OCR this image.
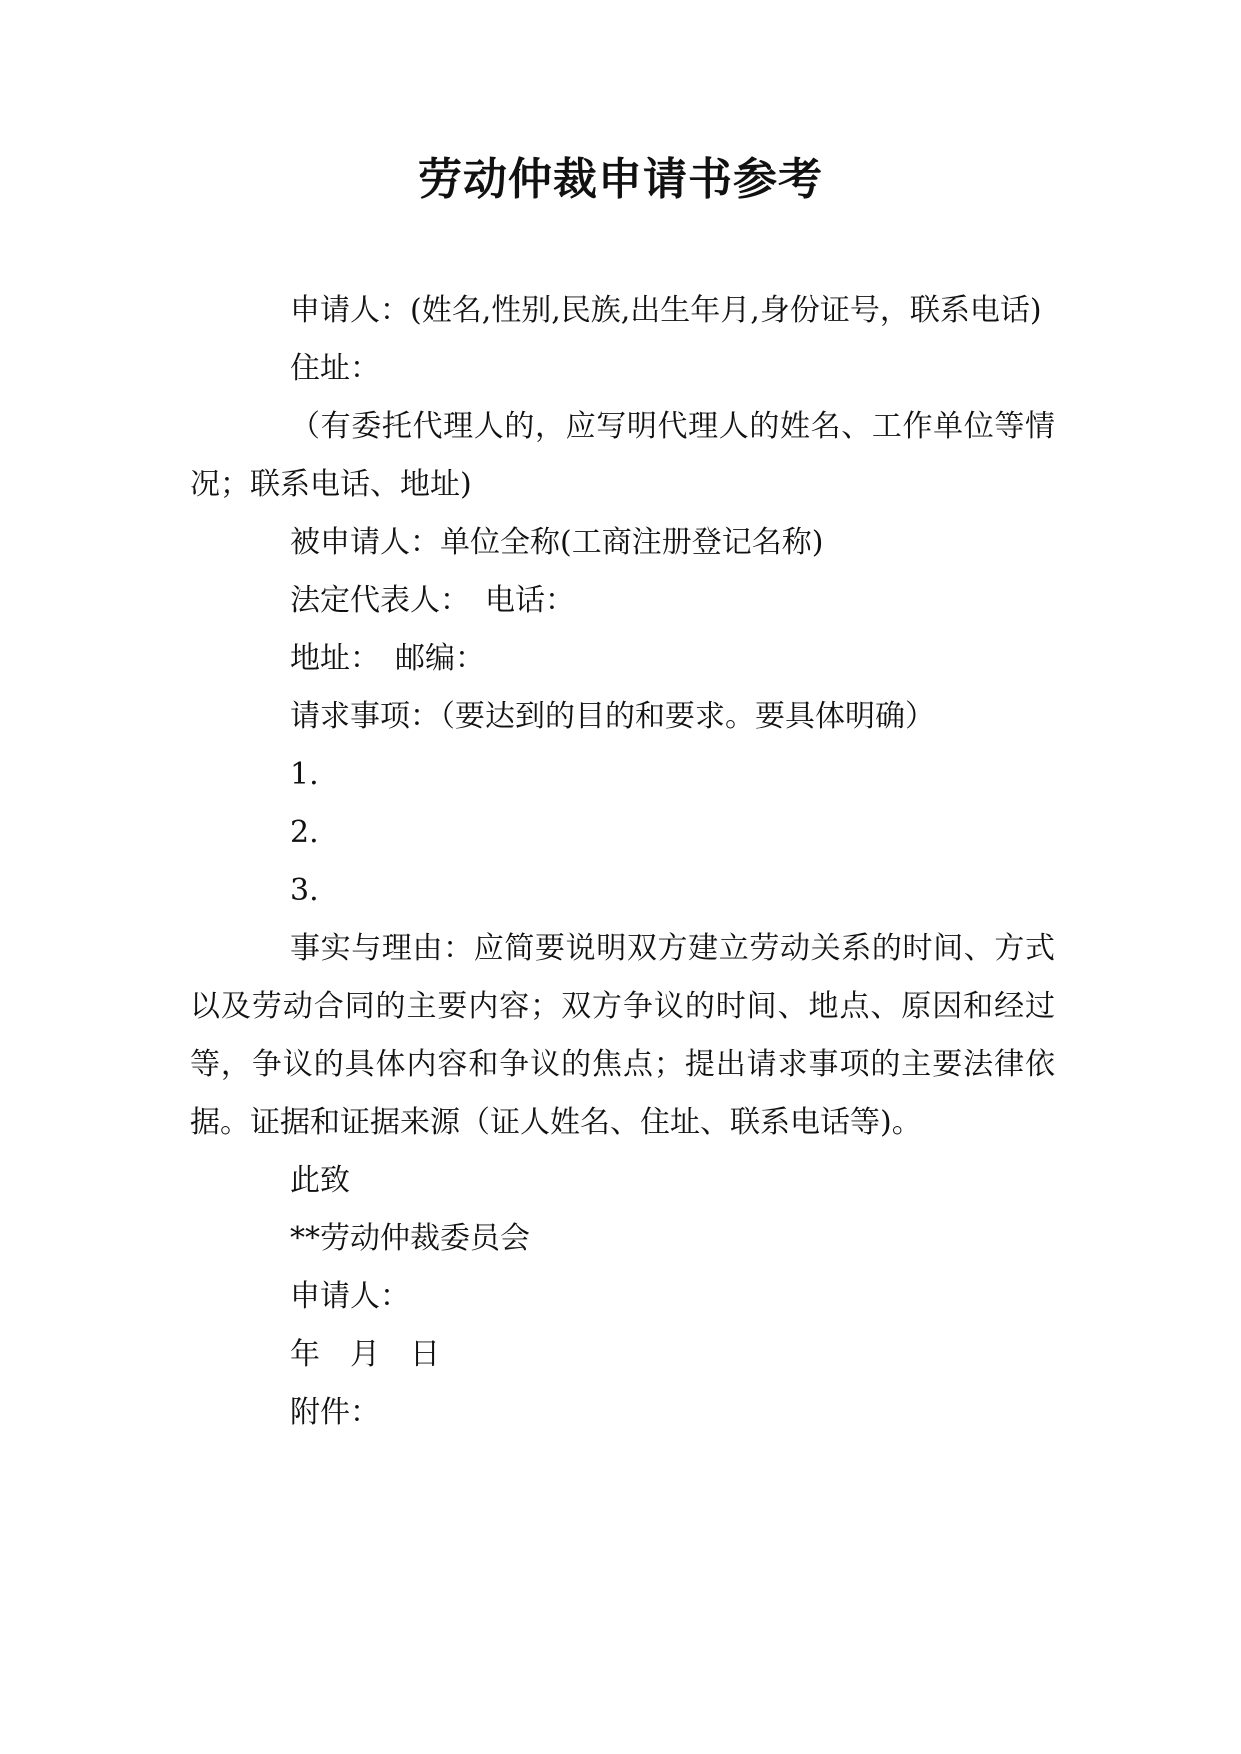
劳动仲裁申请书参考

申请人：(姓名,性别,民族,出生年月,身份证号，联系电话)

住址：

（有委托代理人的，应写明代理人的姓名、工作单位等情况；联系电话、地址)

被申请人：单位全称(工商注册登记名称)

法定代表人：　电话：

地址：　邮编：

请求事项：（要达到的目的和要求。要具体明确）

1.

2.

3.

事实与理由：应简要说明双方建立劳动关系的时间、方式以及劳动合同的主要内容；双方争议的时间、地点、原因和经过等，争议的具体内容和争议的焦点；提出请求事项的主要法律依据。证据和证据来源（证人姓名、住址、联系电话等)。

此致

**劳动仲裁委员会

申请人：

年　月　日

附件：
